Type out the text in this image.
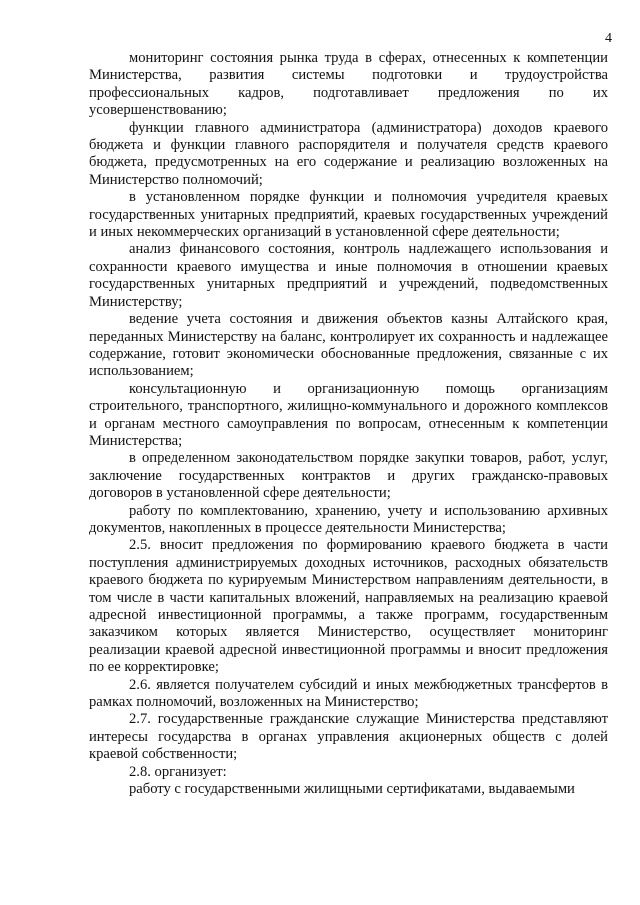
4

мониторинг состояния рынка труда в сферах, отнесенных к компетенции Министерства, развития системы подготовки и трудоустройства профессиональных кадров, подготавливает предложения по их усовершенствованию;

функции главного администратора (администратора) доходов краевого бюджета и функции главного распорядителя и получателя средств краевого бюджета, предусмотренных на его содержание и реализацию возложенных на Министерство полномочий;

в установленном порядке функции и полномочия учредителя краевых государственных унитарных предприятий, краевых государственных учреждений и иных некоммерческих организаций в установленной сфере деятельности;

анализ финансового состояния, контроль надлежащего использования и сохранности краевого имущества и иные полномочия в отношении краевых государственных унитарных предприятий и учреждений, подведомственных Министерству;

ведение учета состояния и движения объектов казны Алтайского края, переданных Министерству на баланс, контролирует их сохранность и надлежащее содержание, готовит экономически обоснованные предложения, связанные с их использованием;

консультационную и организационную помощь организациям строительного, транспортного, жилищно-коммунального и дорожного комплексов и органам местного самоуправления по вопросам, отнесенным к компетенции Министерства;

в определенном законодательством порядке закупки товаров, работ, услуг, заключение государственных контрактов и других гражданско-правовых договоров в установленной сфере деятельности;

работу по комплектованию, хранению, учету и использованию архивных документов, накопленных в процессе деятельности Министерства;

2.5. вносит предложения по формированию краевого бюджета в части поступления администрируемых доходных источников, расходных обязательств краевого бюджета по курируемым Министерством направлениям деятельности, в том числе в части капитальных вложений, направляемых на реализацию краевой адресной инвестиционной программы, а также программ, государственным заказчиком которых является Министерство, осуществляет мониторинг реализации краевой адресной инвестиционной программы и вносит предложения по ее корректировке;

2.6. является получателем субсидий и иных межбюджетных трансфертов в рамках полномочий, возложенных на Министерство;

2.7. государственные гражданские служащие Министерства представляют интересы государства в органах управления акционерных обществ с долей краевой собственности;

2.8. организует:

работу с государственными жилищными сертификатами, выдаваемыми
